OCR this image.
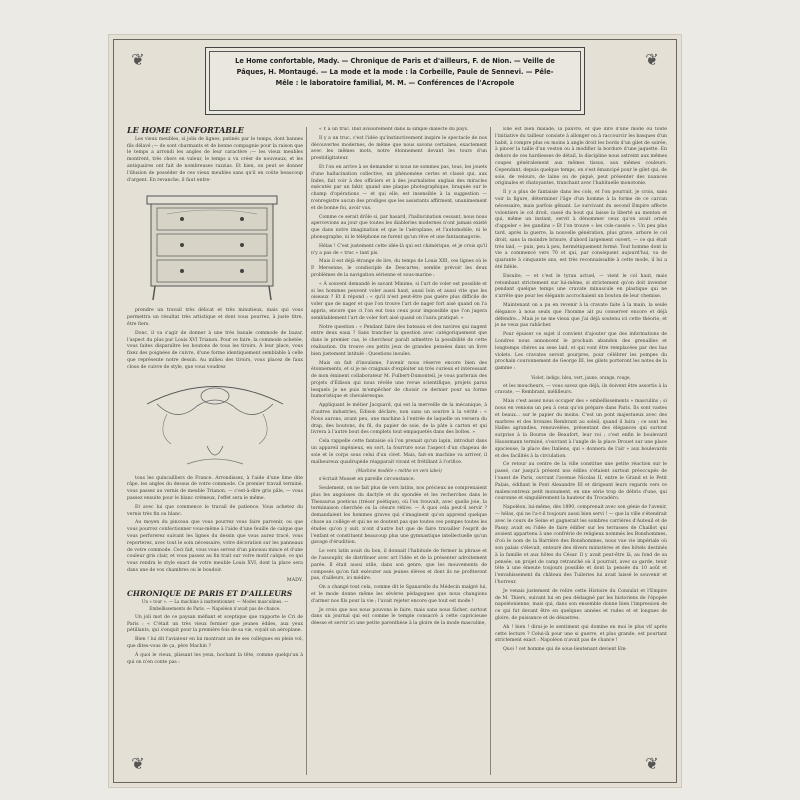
❦	❦
❦	❦

Le Home confortable, Mady. — Chronique de Paris et d'ailleurs, F. de Nion. — Veille de

Pâques, H. Montaugé. — La mode et la mode : la Corbeille, Paule de Sennevi. — Pêle-

Mêle : le laboratoire familial, M. M. — Conférences de l'Acropole

LE HOME CONFORTABLE

Les vieux meubles, si jolis de lignes, patinés par le temps, dont bannes fils délavé ;— de sont charmants et de bonne compagnie pour la raison que le temps a arrondi les angles de leur caractère ;— les vieux meubles montrent, très chers en valeur, le temps a vu créer de nouveaux, et les antiquaires ont fait de nombreuses razzias. Et bien, on peut se donner l'illusion de posséder de ces vieux meubles sans qu'il en coûte beaucoup d'argent. En revanche, il faut entre-

prendre un travail très délicat et très minutieux, mais qui vous permettra un résultat très artistique et dont vous pourrez, à juste titre, être fiers.

Donc, il va s'agir de donner à une très banale commode de bazar, l'aspect du plus pur Louis XVI Trianon. Pour ce faire, la commode achetée, vous faites disparaître les boutons de tous les tiroirs. À leur place, vous fixez des poignées de cuivre, d'une forme identiquement semblable à celle que représente notre dessin. Au milieu des tiroirs, vous placez de faux clous de cuivre de style, que vous voudrez

tous les quincailliers de France. Arrondissez, à l'aide d'une lime dite râpe, les angles du dessus de votre commode. Ce premier travail terminé, vous passez au vernis de meuble Trianon, — c'est-à-dire gris pâle, — vous passez ensuite pour le blanc crémeux, l'effet sera le même.

Et avec lui que commence le travail de patience. Vous achetez du vernis très fin ou blanc.

Au moyen du pinceau que vous pourrez vous faire parvenir, ou que vous pourrez confectionner vous-même à l'aide d'une feuille de calque que vous perforerez suivant les lignes du dessin que vous aurez tracé, vous reporterez, avec tout le soin nécessaire, votre décoration sur les panneaux de votre commode. Ceci fait, vous vous servez d'un pinceau mince et d'une couleur gris clair, et vous passez au fin trait sur votre motif calqué, ce qui vous rendra le style exact de votre meuble Louis XVI, dont la place sera dans une de vos chambres ou le boudoir.

MADY.
CHRONIQUE DE PARIS ET D'AILLEURS

Un « tour ». — La machine à inattentionner. — Modes masculines. — Embellissements de Paris. — Napoléon n'avait pas de chance.

Un joli mot de ce paysan méfiant et sceptique que rapporte le Cri de Paris : « C'était un très vieux fermier que jeunes édiles, aux yeux pétillants, qui s'enquit pour la première fois de sa vie, voyait un aéroplane.

Bien ! lui dit l'aviateur en lui montrant un de ses collègues en plein vol, que dites-vous de ça, père Machin ?

À quoi le vieux, plissant les yeux, hochant la tête, comme quelqu'un à qui on n'en conte pas :

« Y a un truc. Ibid avisoirement dans la simple dialecte du pays.

Il y a un truc, c'est l'idée qu'instinctivement inspire le spectacle de nos découvertes modernes, de même que nous savons certaines, exactement avec les mêmes mots, notre étonnement devant les tours d'un prestidigitateur.

Et l'on en arrive à se demander si nous ne sommes pas, tous, les jouets d'une hallucination collective, un phénomène certes et classé qui, aux Indes, fait voir à des officiers et à des journalistes anglais des miracles exécutés par un fakir, quand une plaque photographique, braquée sur le champ d'opérations — et qui elle, est insensible à la suggestion — n'enregistre aucun des prodiges que les assistants affirment, unanimement et de bonne foi, avoir vus.

Comme ce serait drôle si, par hasard, l'hallucination cessant, nous nous apercevions au jour que toutes les diableries modernes n'ont jamais existé que dans notre imagination et que le l'aéroplane, et l'automobile, ni le phonographe, ni le téléphone ne furent qu'un rêve et une fantasmagorie.

Hélas ! C'est justement cette idée-là qui est chimérique, et je crois qu'il n'y a pas de « truc » tant pis.

Mais il est déjà étrange de lire, du temps de Louis XIII, ces lignes où le P. Mersenne, le condisciple de Descartes, semble prévoir les deux problèmes de la navigation sérienne et sous-marine :

« À souvent demandé le savant Minime, si l'art de voler est possible et si les hommes peuvent voler aussi haut, aussi loin et aussi vite que les oiseaux ? Et il répond : « qu'il n'est peut-être pas guère plus difficile de voler que de nager et que l'on trouve l'art de nager fort aisé quand on l'a appris, encore que ci l'on eut tous ceux pour impossible que l'on jugera semblablement l'art de voler fort aisé quand on l'aura pratiqué. »

Notre question : « Pendant faire des bateaux et des navires qui nagent entre deux eaux ? Sans trancher la question avec catégoriquement que dans le premier cas, le chercheur paraît admettre la possibilité de cette réalisation. On trouve ces petits jeux de grandes pensées dans un livre bien justement intitulé : Questions inouïes.

Mais on fait d'inouïsme, l'avenir nous réserve encore bien des étonnements, et si je ne craignais d'exploiter un très curieux et intéressant de mon éminent collaborateur M. Fulbert-Dumonteil, je vous parlerais des projets d'Édison qui nous révèle une revue scientifique, projets parus lesquels je ne puis m'empêcher de choisir ce dernier pour sa forme humoristique et chevaleresque.

Appliquant le métier Jacquard, qui est la merveille de la mécanique, à d'autres industries, Édison déclare, non sans un sourire à la vérité : « Nous aurons, avant peu, une machine à l'entrée de laquelle on versera du drap, des boutons, du fil, du papier de soie, de la pâte à carton et qui livrera à l'autre bout des complets tout empaquetés dans des boîtes. »

Cela rappelle cette fantaisie où l'on prenait qu'un lapin, introduit dans un appareil ingénieux, en sort, la fourrure sous l'aspect d'un chapeau de soie et le corps sous celui d'un civet. Mais, fait-on machine va arriver, il malheureux quadrupède réapparait vivant et frétillant à l'orifice.

(Machine modèle « méthe en vers labei)

s'écriait Musset en pareille circonstance.

Seulement, on ne fait plus de vers latins, nos précieux ne comprenaient plus les angoisses du dactyle et du spondée et les recherches dans le Thesaurus poeticus (trésor poétique), où l'on trouvait, avec quelle joie, la terminaison cherchée ou la césure rétive. — À quoi cela peut-il servir ? demandaient les hommes graves qui s'imaginent qu'on apprend quelque chose au collège et qui ne se doutent pas que toutes ces pompes toutes les études qu'on y suit, n'ont d'autre but que de faire travailler l'esprit de l'enfant et constituent beaucoup plus une gymnastique intellectuelle qu'un gavage d'érudition.

Le vers latin avait du bon, il donnait l'habitude de fermer la phrase et de l'assouplir, de distribuer avec art l'idée et de la présenter adroitement parée. Il était aussi utile, dans son genre, que les mouvements de composés qu'on fait exécuter aux jeunes élèves et dont ils ne profiteront pas, d'ailleurs, ici médire.

On a changé tout cela, comme dit le Sganarelle du Médecin malgré lui, et le mode donne même les sévères pédagogues que nous changions d'armer nos fils pour la vie ; l'avait rejeter encore que tout est mode !

Je crois que nos nous pouvons le faire, mais sans nous fâcher, surtout dans un journal qui est comme le temple consacré à cette capricieuse déesse et servir ici une petite parenthèse à la gloire de la mode masculine,

Elle est bien malade, la pauvre, et que dire d'une mode où toute l'initiative du tailleur consiste à allonger ou à raccourcir les basques d'un habit, à rompre plus ou moins à angle droit les bords d'un gilet de soirée, à pincer la taille d'un veston ou à modifier la bordure d'une jaquette. En dehors de ces hardiesses de détail, la discipline nous astreint aux mêmes coupes généralement aux mêmes tissus, aux mêmes couleurs. Cependant, depuis quelque temps, on s'est émancipé pour le gilet qui, de soie, de velours, de laine ou de piqué, peut présenter des nuances originales et chatoyantes, tranchant avec l'habituelle monotonie.

Il y a plus de fantaisie dans les cols, et l'on pourrait, je crois, sans voir la figure, déterminer l'âge d'un homme à la forme de ce carcan nécessaire, mais parfois gênant. Le survivant du second Empire affecte volontiers le col droit, cassé du bout qui laisse la liberté au menton et qui, même un instant, servit à dénommer ceux qu'on avait ornés d'appeler « les gandins » Et l'on trouve « les cols-cassés ». Un peu plus tard, après la guerre, la nouvelle génération, plus grave, arbore le col droit, sans la moindre brisure, d'abord largement ouvert, — ce qui était très laid, — puis, peu à peu, hermétiquement fermé. Tout homme dont la vie a commencé vers 70 et qui, par conséquent aujourd'hui, va de quarante à cinquante ans, est très reconnaissable à cette mode, il lui a été fidèle.

Ensuite, — et c'est le tyran actuel, — vient le col haut, mais retombant strictement sur lui-même, si strictement qu'on doit inventer pendant quelque temps une cravate minuscule en plastique qui ne s'arrête que pour les élégants accrochaient un bouton de leur chemise.

Maintenant on a pu en revenir à la cravate faite à la main, la seule élégance à nous seuls que l'homme ait pu conserver encore et déjà défendre... Mais je ne me vieux que j'ai déjà soutenu ici cette théorie, et je ne veux pas rabâcher.

Pour épuiser ce sujet il convient d'ajouter que des informations de Londres nous annoncent le prochain abandon des grenailles et longtemps chères au sexe laid, et qui vont être remplacées par des bas violets. Les cravates seront pourpres, pour célébrer les pompes du prochain couronnement de George III, les gilets porteront les notes de la gamme :

Violet, indigo, bleu, vert, jaune, orange, rouge,

et les moucheurs, — vous savez que déjà, ils doivent être assortis à la cravate, — Rembrant, mélilleurs.

Mais c'est assez nous occuper des « embellissements » masculins ; si nous en venions un peu à ceux qu'on prépare dans Paris. Ils sont vastes et beaux... sur le papier du moins. C'est un pont majestueux avec des marbres et des bronzes Rembrant au soleil, quand il luira ; ce sont les Halles agrandies, renouvelées, présentant des élégances qui surtout surprise à la Bourse de Beaufort, leur roi ; c'est enfin le boulevard Haussmann terminé, s'ouvrant à l'angle de la place Drouet sur une place spacieuse, la place des Italiens, qui « donnera de l'air » aux boulevards et des facilités à la circulation.

Ce retour au centre de la ville constitue une petite réaction sur le passé, car jusqu'à présent nos édiles s'étaient surtout préoccupés de l'ouest de Paris, ouvrant l'avenue Nicolas II, entre le Grand et le Petit Palais, édifiant le Pont Alexandre III et dirigeant leurs regards vers ce malencontreux petit monument, en une série trop de débris d'une, qui couronne et singulièrement la hauteur du Trocadéro.

Napoléon, lui-même, dès 1890, comprenait avec son génie de l'avenir, — hélas, qui ne l'a-t-il toujours aussi bien servi ! — que la ville s'étendrait avec le cours de Seine et gagnerait les sombres carrières d'Auteuil et de Passy, avait eu l'idée de faire édifier sur les terrasses de Chaillot qui avaient appartenu à une confrérie de religieux nommés les Bonshommes, d'où le nom de la Barrière des Bonshommes, nous vue vie impériale où son palais s'élevait, entouré des divers ministères et des hôtels destinés à la famille et aux hôtes du César. Il y avait peut-être là, au fond de sa pensée, un projet de camp retranché où il pourrait, avec sa garde, tenir tête à une émeute toujours possible et dont la pensée du 10 août et l'envahissement du château des Tuileries lui avait laissé le souvenir et l'horreur.

Je venais justement de relire cette Histoire du Consulat et l'Empire de M. Thiers, suivant lui en peu dédaigné par les historiens de l'épopée napoléonienne, mais qui, dans son ensemble donne bien l'impression de ce qui fut devant être en quelques années et rudes et et longues de gloire, de puissance et de désastres.

Ah ! bien ! dirai-je le sentiment qui domine en moi le plus vif après cette lecture ? Celui-là pour une si guerre, et plus grande, est pourtant strictement exact : Napoléon n'avait pas de chance !

Quoi ! cet homme qui de sous-lieutenant devient Em-
